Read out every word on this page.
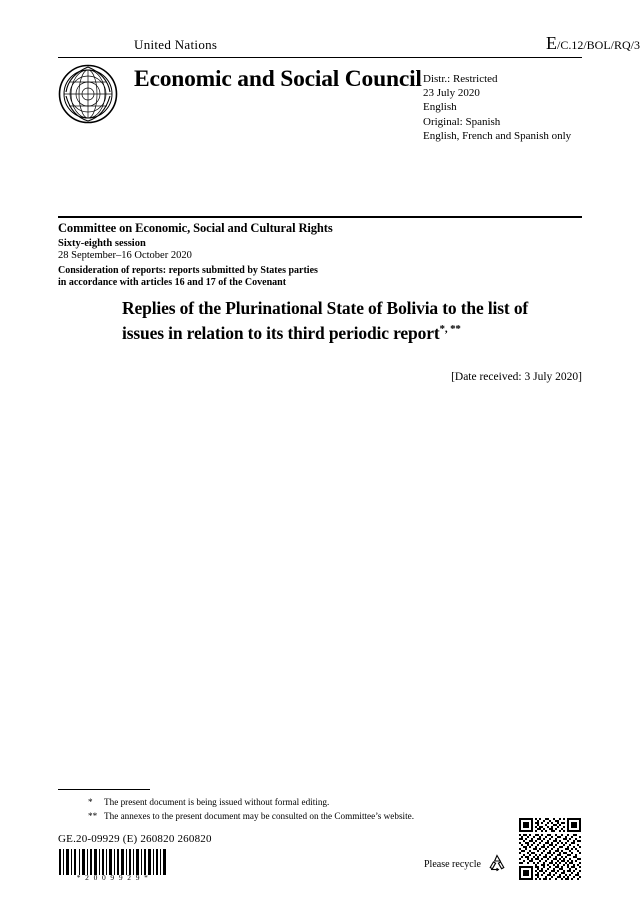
United Nations	E/C.12/BOL/RQ/3
Economic and Social Council Distr.: Restricted
23 July 2020
English
Original: Spanish
English, French and Spanish only
Committee on Economic, Social and Cultural Rights
Sixty-eighth session
28 September–16 October 2020
Consideration of reports: reports submitted by States parties
in accordance with articles 16 and 17 of the Covenant
Replies of the Plurinational State of Bolivia to the list of issues in relation to its third periodic report*, **
[Date received: 3 July 2020]
* The present document is being issued without formal editing.
** The annexes to the present document may be consulted on the Committee’s website.
GE.20-09929 (E) 260820 260820
* 2 0 0 9 9 2 9 *
Please recycle
